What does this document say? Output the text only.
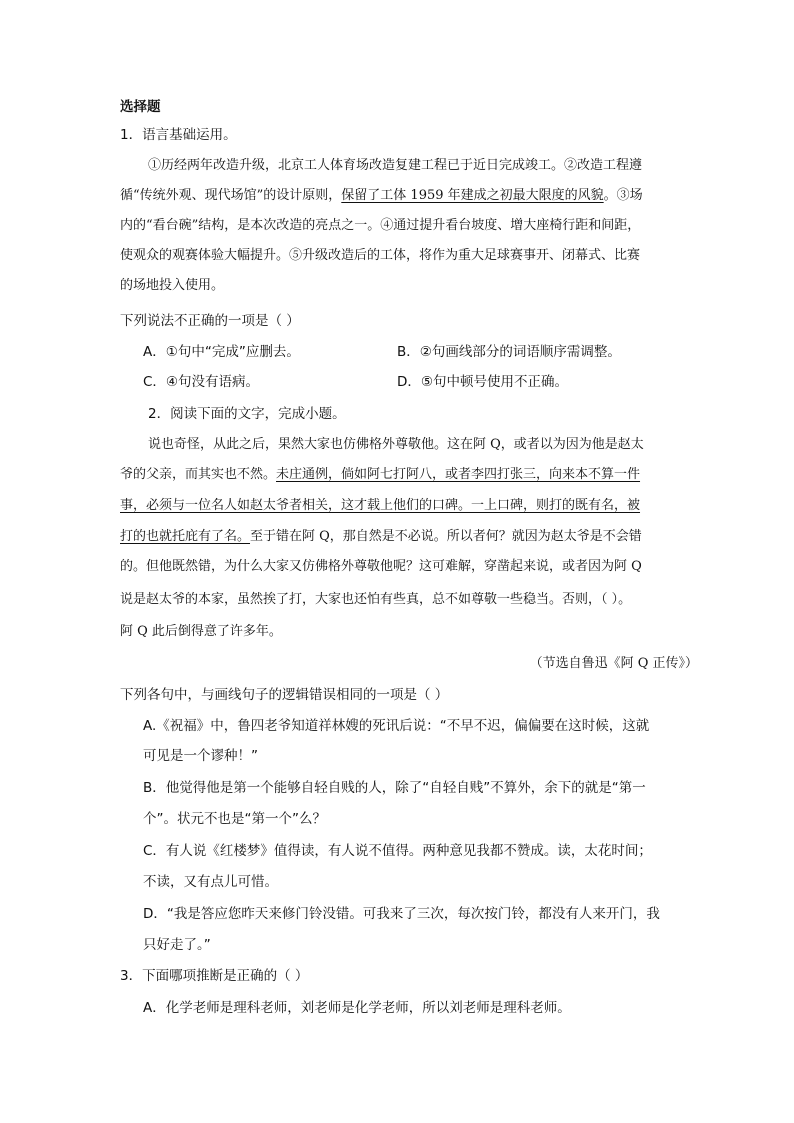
选择题
1．语言基础运用。
①历经两年改造升级，北京工人体育场改造复建工程已于近日完成竣工。②改造工程遵
循“传统外观、现代场馆”的设计原则，保留了工体 1959 年建成之初最大限度的风貌。③场
内的“看台碗”结构，是本次改造的亮点之一。④通过提升看台坡度、增大座椅行距和间距，
使观众的观赛体验大幅提升。⑤升级改造后的工体，将作为重大足球赛事开、闭幕式、比赛
的场地投入使用。
下列说法不正确的一项是（ ）
A．①句中“完成”应删去。	B．②句画线部分的词语顺序需调整。
C．④句没有语病。	D．⑤句中顿号使用不正确。
2．阅读下面的文字，完成小题。
说也奇怪，从此之后，果然大家也仿佛格外尊敬他。这在阿 Q，或者以为因为他是赵太
爷的父亲，而其实也不然。未庄通例，倘如阿七打阿八，或者李四打张三，向来本不算一件
事，必须与一位名人如赵太爷者相关，这才载上他们的口碑。一上口碑，则打的既有名，被
打的也就托庇有了名。至于错在阿 Q，那自然是不必说。所以者何？就因为赵太爷是不会错
的。但他既然错，为什么大家又仿佛格外尊敬他呢？这可难解，穿凿起来说，或者因为阿 Q
说是赵太爷的本家，虽然挨了打，大家也还怕有些真，总不如尊敬一些稳当。否则，（ ）。
阿 Q 此后倒得意了许多年。
（节选自鲁迅《阿 Q 正传》）
下列各句中，与画线句子的逻辑错误相同的一项是（ ）
A.《祝福》中，鲁四老爷知道祥林嫂的死讯后说：“不早不迟，偏偏要在这时候，这就
可见是一个谬种！”
B．他觉得他是第一个能够自轻自贱的人，除了“自轻自贱”不算外，余下的就是“第一
个”。状元不也是“第一个”么？
C．有人说《红楼梦》值得读，有人说不值得。两种意见我都不赞成。读，太花时间；
不读，又有点儿可惜。
D．“我是答应您昨天来修门铃没错。可我来了三次，每次按门铃，都没有人来开门，我
只好走了。”
3．下面哪项推断是正确的（ ）
A．化学老师是理科老师，刘老师是化学老师，所以刘老师是理科老师。
